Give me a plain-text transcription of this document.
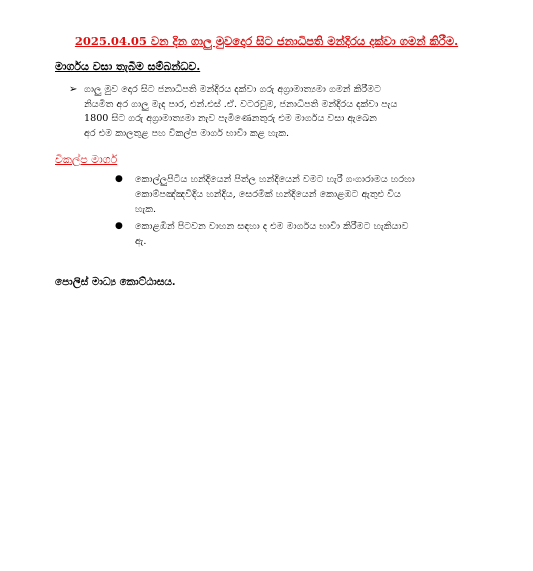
2025.04.05 වන දින ගාලු මුවදොර සිට ජනාධිපති මන්දිරය දක්වා ගමන් කිරීම.
මාර්ගය වසා තැබීම සම්බන්ධව.
➢ ගාලු මුව දොර සිට ජනාධිපති මන්දිරය දක්වා ගරු අග්‍රාමාත්‍යමා ගමන් කිරීමට
නියමිත අර ගාලු මැද පාර, එන්.එස් .ඒ. වටරවුම, ජනාධිපති මන්දිරය දක්වා පැය
1800 සිට ගරු අග්‍රාමාත්‍යමා නැව පැමිණෙනතුරු එම මාර්ගය වසා ඇඛෙන
අර එම කාලතුළ පහ විකල්ප මාර්ග භාවිා කළ හැක.
විකල්ප මාර්ග
● කොල්ලුපිටිය හන්දියෙන් පිත්ල හන්දියෙන් වමට හැරී ගංගාරාමය හරහා
කොම්පඤ්ඤවීදිය හන්දිය, සෙරමික් හන්දියෙන් කොළඹට ඇතුළු විය
හැක.
● කොළඹින් පිටවන වාහන සඳහා ද එම මාර්ගය භාවිා කිරීමට හැකියාව
ඇ.
පොලිස් මාධ්‍ය කොට්ඨාසය.
